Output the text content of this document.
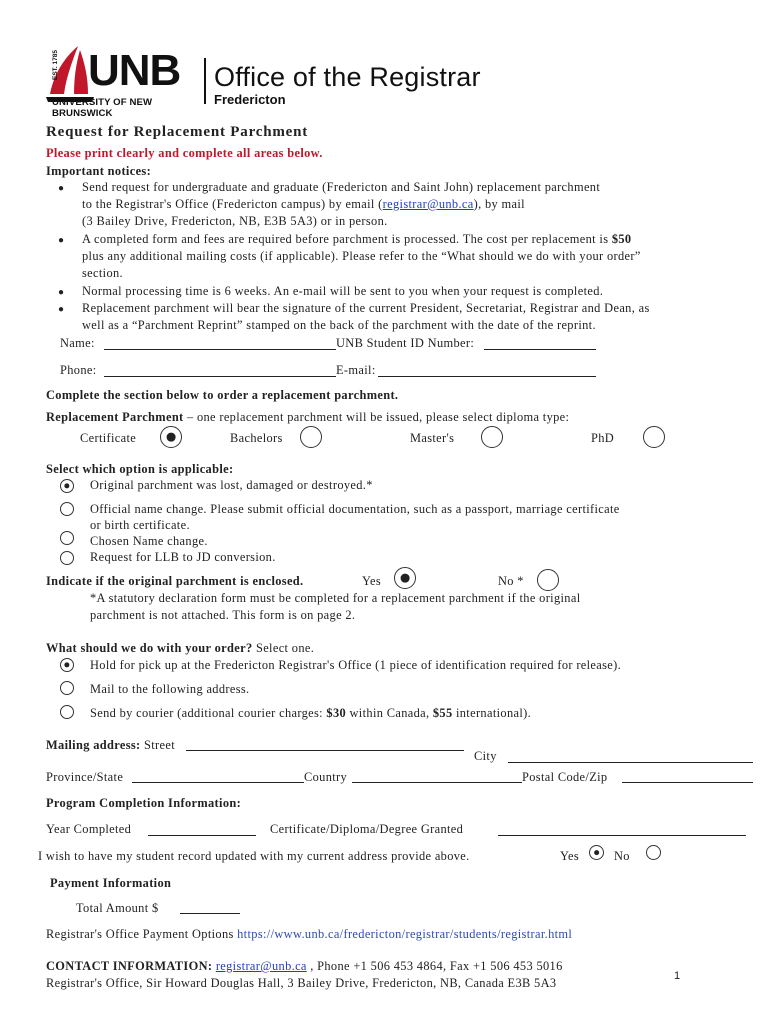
UNB
EST. 1785
UNIVERSITY OF NEW BRUNSWICK
Office of the Registrar
Fredericton
Request for Replacement Parchment
Please print clearly and complete all areas below.
Important notices:
● Send request for undergraduate and graduate (Fredericton and Saint John) replacement parchment
to the Registrar's Office (Fredericton campus) by email (registrar@unb.ca), by mail
(3 Bailey Drive, Fredericton, NB, E3B 5A3) or in person.
● A completed form and fees are required before parchment is processed. The cost per replacement is $50
plus any additional mailing costs (if applicable). Please refer to the “What should we do with your order”
section.
● Normal processing time is 6 weeks. An e-mail will be sent to you when your request is completed.
● Replacement parchment will bear the signature of the current President, Secretariat, Registrar and Dean, as
well as a “Parchment Reprint” stamped on the back of the parchment with the date of the reprint.
Name:	UNB Student ID Number:
Phone:	E-mail:
Complete the section below to order a replacement parchment.
Replacement Parchment – one replacement parchment will be issued, please select diploma type:
Certificate	Bachelors	Master's	PhD
Select which option is applicable:
Original parchment was lost, damaged or destroyed.*
Official name change. Please submit official documentation, such as a passport, marriage certificate
or birth certificate.
Chosen Name change.
Request for LLB to JD conversion.
Indicate if the original parchment is enclosed.	Yes	No *
*A statutory declaration form must be completed for a replacement parchment if the original
parchment is not attached. This form is on page 2.
What should we do with your order? Select one.
Hold for pick up at the Fredericton Registrar's Office (1 piece of identification required for release).
Mail to the following address.
Send by courier (additional courier charges: $30 within Canada, $55 international).
Mailing address: Street
City
Province/State	Country	Postal Code/Zip
Program Completion Information:
Year Completed	Certificate/Diploma/Degree Granted
I wish to have my student record updated with my current address provide above.	Yes	No
Payment Information
Total Amount $
Registrar's Office Payment Options https://www.unb.ca/fredericton/registrar/students/registrar.html
CONTACT INFORMATION: registrar@unb.ca , Phone +1 506 453 4864, Fax +1 506 453 5016
Registrar's Office, Sir Howard Douglas Hall, 3 Bailey Drive, Fredericton, NB, Canada E3B 5A3	1
